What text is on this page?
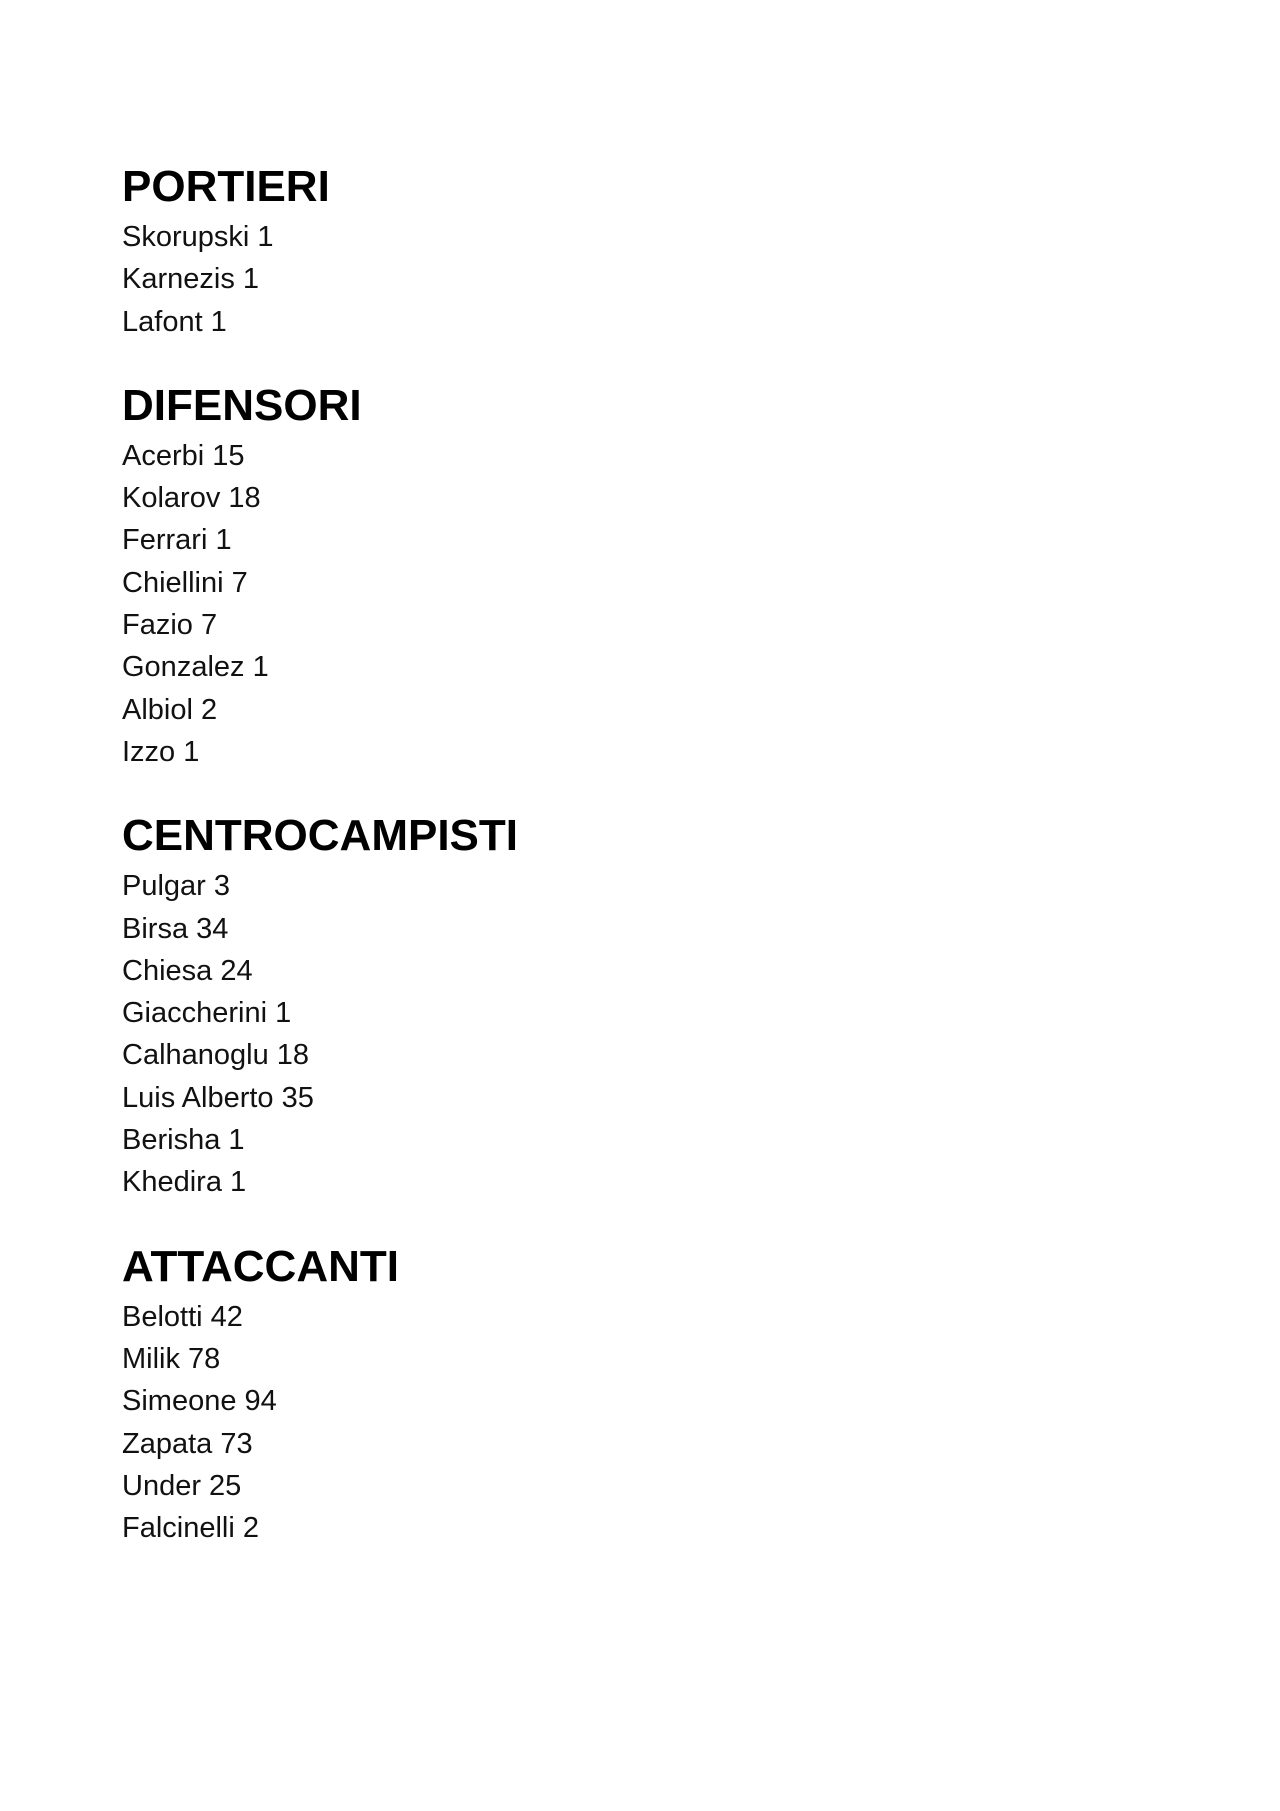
PORTIERI
Skorupski 1
Karnezis 1
Lafont 1
DIFENSORI
Acerbi 15
Kolarov 18
Ferrari 1
Chiellini 7
Fazio 7
Gonzalez 1
Albiol 2
Izzo 1
CENTROCAMPISTI
Pulgar 3
Birsa 34
Chiesa 24
Giaccherini 1
Calhanoglu 18
Luis Alberto 35
Berisha 1
Khedira 1
ATTACCANTI
Belotti 42
Milik 78
Simeone 94
Zapata 73
Under 25
Falcinelli 2
